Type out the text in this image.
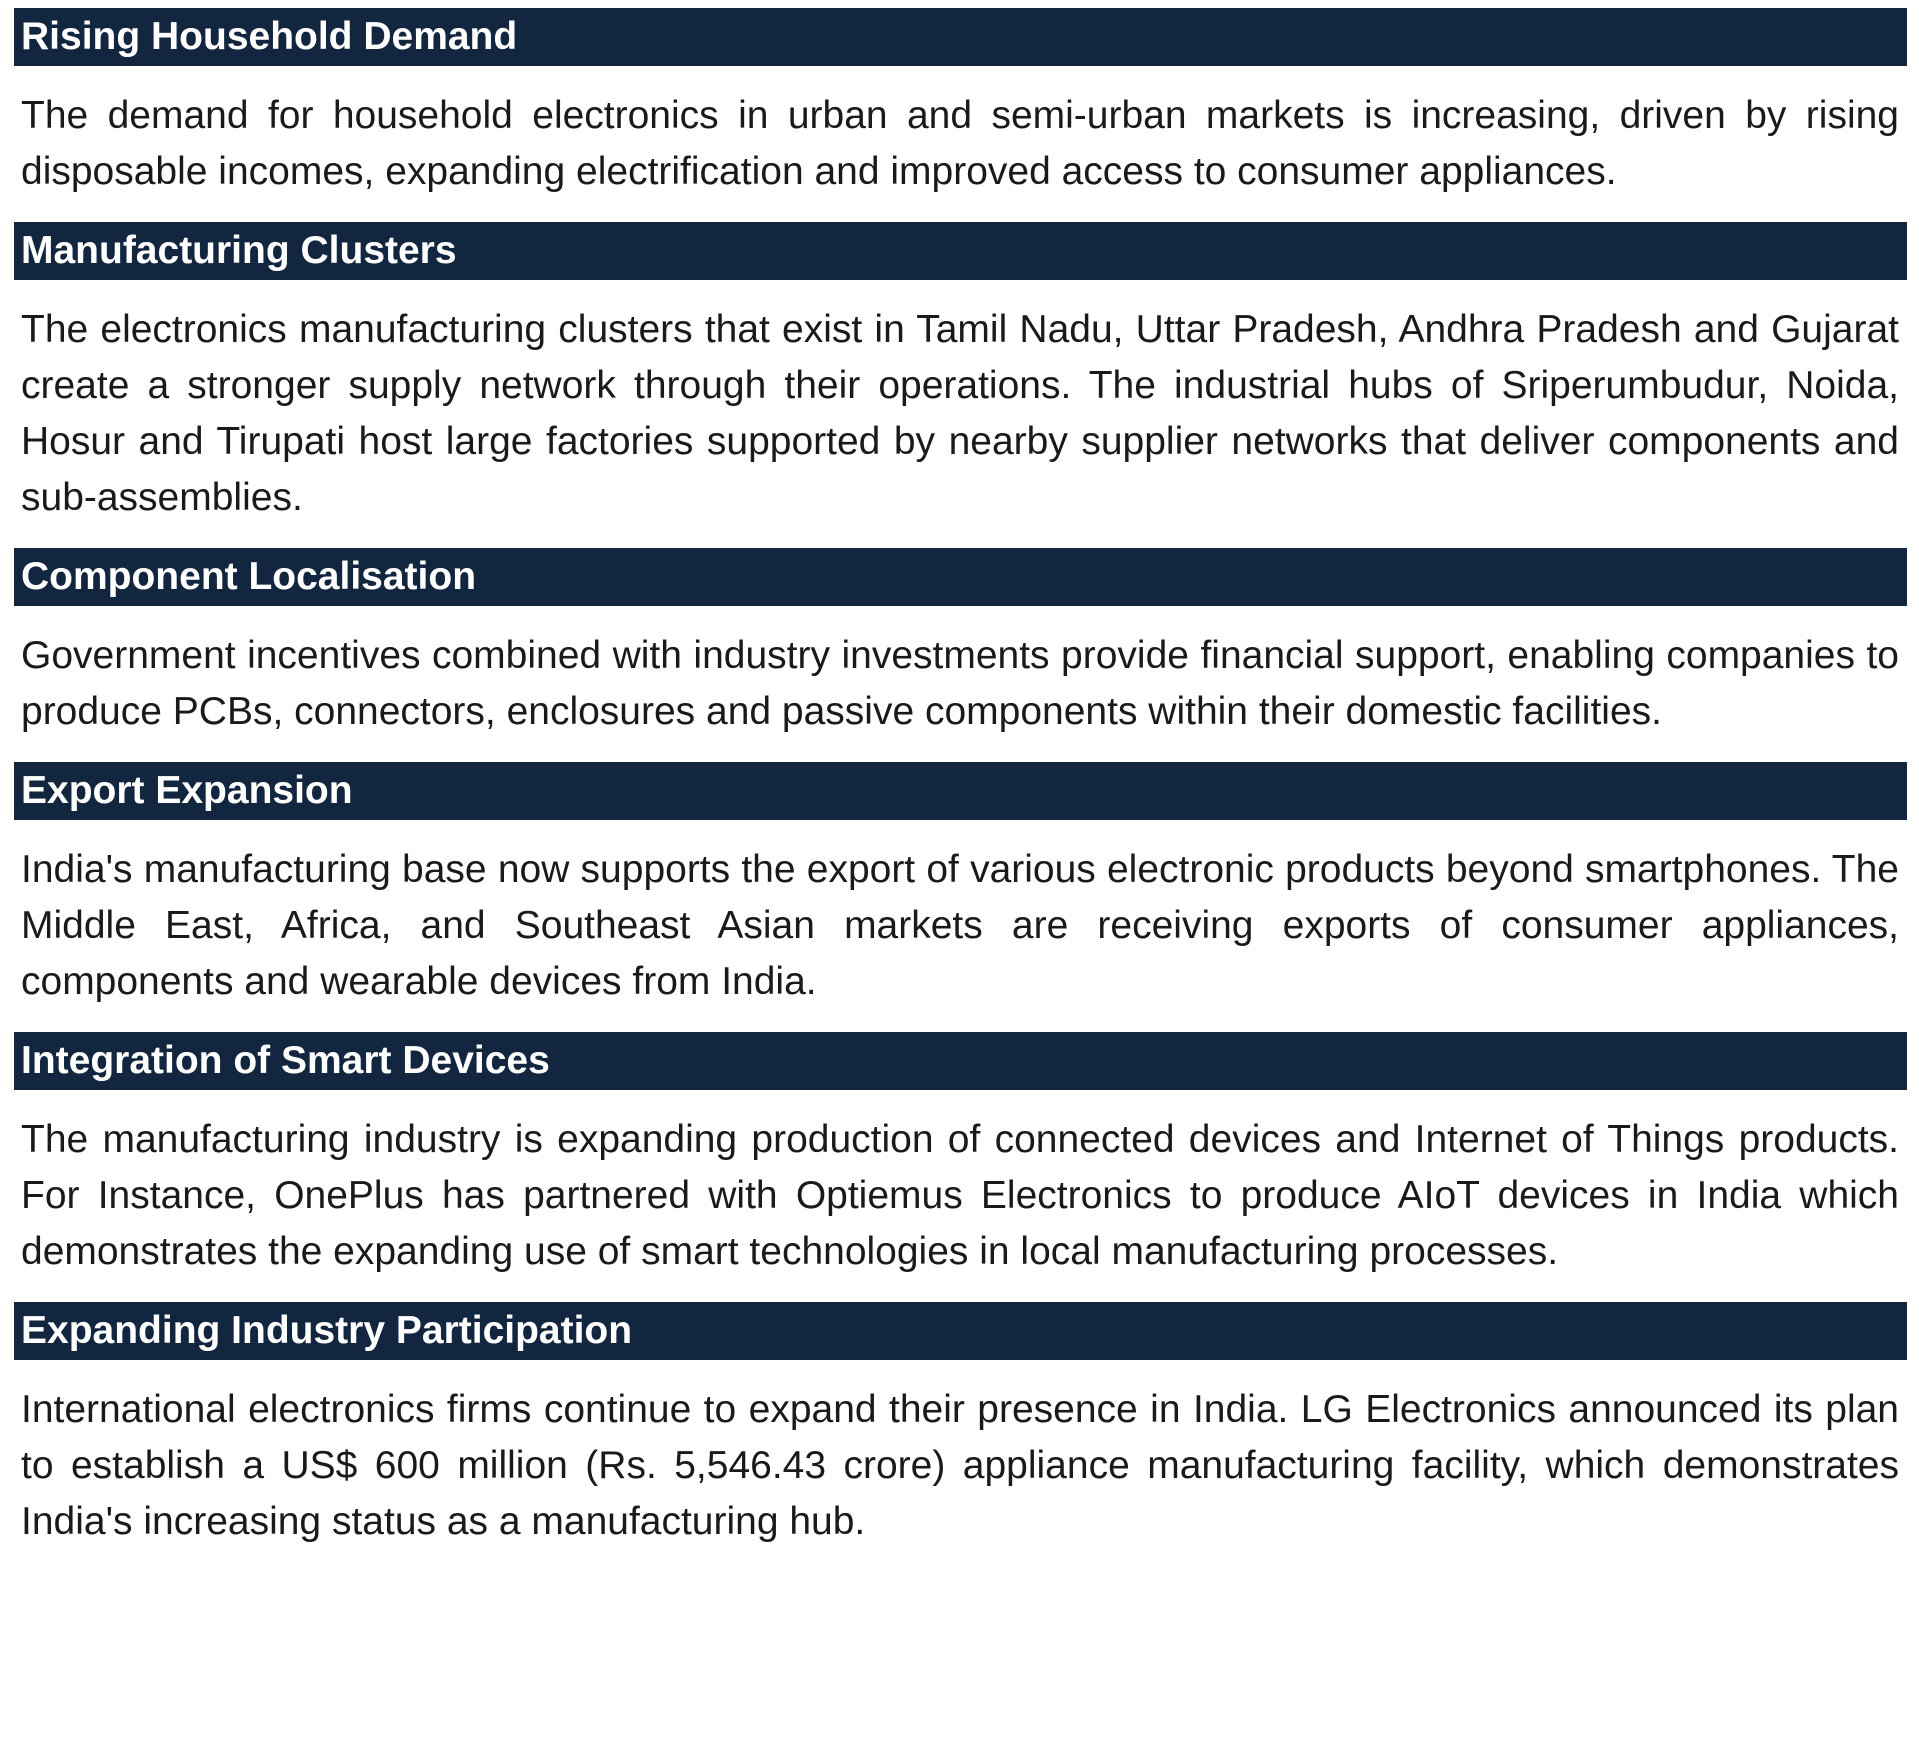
Rising Household Demand

The demand for household electronics in urban and semi-urban markets is increasing, driven by rising disposable incomes, expanding electrification and improved access to consumer appliances.

Manufacturing Clusters

The electronics manufacturing clusters that exist in Tamil Nadu, Uttar Pradesh, Andhra Pradesh and Gujarat create a stronger supply network through their operations. The industrial hubs of Sriperumbudur, Noida, Hosur and Tirupati host large factories supported by nearby supplier networks that deliver components and sub-assemblies.

Component Localisation

Government incentives combined with industry investments provide financial support, enabling companies to produce PCBs, connectors, enclosures and passive components within their domestic facilities.

Export Expansion

India's manufacturing base now supports the export of various electronic products beyond smartphones. The Middle East, Africa, and Southeast Asian markets are receiving exports of consumer appliances, components and wearable devices from India.

Integration of Smart Devices

The manufacturing industry is expanding production of connected devices and Internet of Things products. For Instance, OnePlus has partnered with Optiemus Electronics to produce AIoT devices in India which demonstrates the expanding use of smart technologies in local manufacturing processes.

Expanding Industry Participation

International electronics firms continue to expand their presence in India. LG Electronics announced its plan to establish a US$ 600 million (Rs. 5,546.43 crore) appliance manufacturing facility, which demonstrates India's increasing status as a manufacturing hub.
